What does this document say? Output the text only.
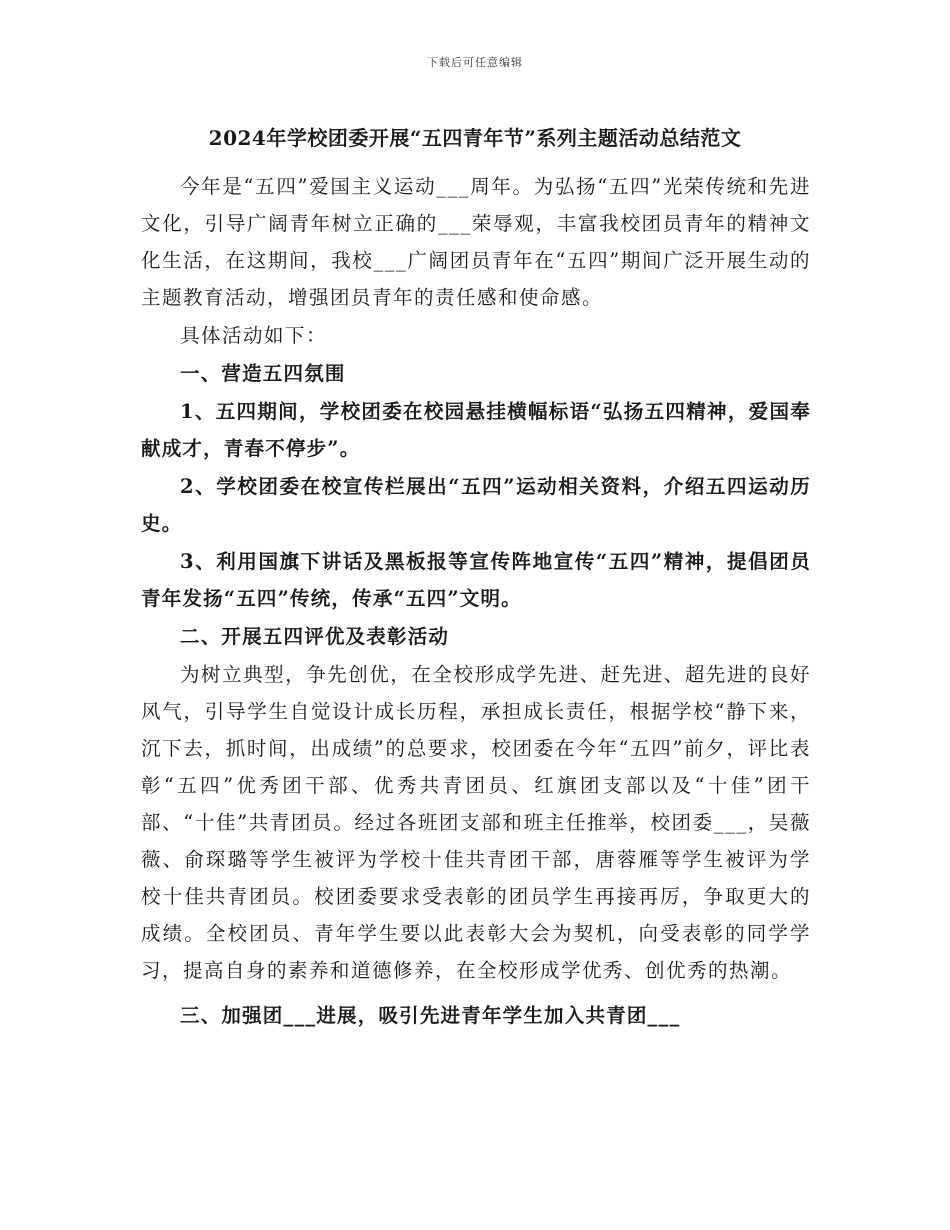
下载后可任意编辑
2024年学校团委开展“五四青年节”系列主题活动总结范文

今年是“五四”爱国主义运动___周年。为弘扬“五四”光荣传统和先进文化，引导广阔青年树立正确的___荣辱观，丰富我校团员青年的精神文化生活，在这期间，我校___广阔团员青年在“五四”期间广泛开展生动的主题教育活动，增强团员青年的责任感和使命感。

具体活动如下：

一、营造五四氛围

1、五四期间，学校团委在校园悬挂横幅标语“弘扬五四精神，爱国奉献成才，青春不停步”。

2、学校团委在校宣传栏展出“五四”运动相关资料，介绍五四运动历史。

3、利用国旗下讲话及黑板报等宣传阵地宣传“五四”精神，提倡团员青年发扬“五四”传统，传承“五四”文明。

二、开展五四评优及表彰活动

为树立典型，争先创优，在全校形成学先进、赶先进、超先进的良好风气，引导学生自觉设计成长历程，承担成长责任，根据学校“静下来，沉下去，抓时间，出成绩”的总要求，校团委在今年“五四”前夕，评比表彰“五四”优秀团干部、优秀共青团员、红旗团支部以及“十佳”团干部、“十佳”共青团员。经过各班团支部和班主任推举，校团委___，吴薇薇、俞琛璐等学生被评为学校十佳共青团干部，唐蓉雁等学生被评为学校十佳共青团员。校团委要求受表彰的团员学生再接再厉，争取更大的成绩。全校团员、青年学生要以此表彰大会为契机，向受表彰的同学学习，提高自身的素养和道德修养，在全校形成学优秀、创优秀的热潮。

三、加强团___进展，吸引先进青年学生加入共青团___
